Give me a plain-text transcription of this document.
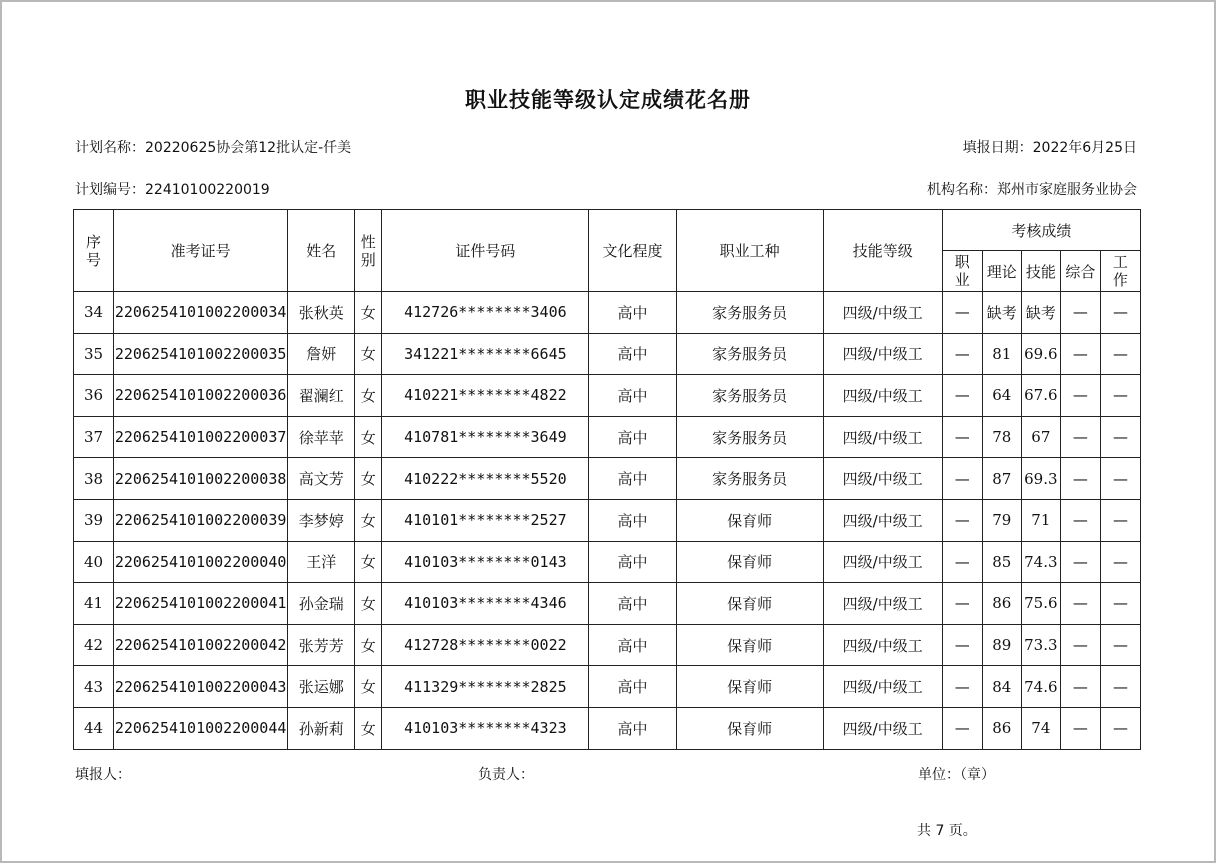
职业技能等级认定成绩花名册
计划名称：20220625协会第12批认定-仟美	填报日期：2022年6月25日
计划编号：22410100220019	机构名称：郑州市家庭服务业协会
序号	准考证号	姓名	性别	证件号码	文化程度	职业工种	技能等级	考核成绩				
								职业	理论	技能	综合	工作
34	2206254101002200034	张秋英	女	412726********3406	高中	家务服务员	四级/中级工	—	缺考	缺考	—	—
35	2206254101002200035	詹妍	女	341221********6645	高中	家务服务员	四级/中级工	—	81	69.6	—	—
36	2206254101002200036	翟澜红	女	410221********4822	高中	家务服务员	四级/中级工	—	64	67.6	—	—
37	2206254101002200037	徐苹苹	女	410781********3649	高中	家务服务员	四级/中级工	—	78	67	—	—
38	2206254101002200038	高文芳	女	410222********5520	高中	家务服务员	四级/中级工	—	87	69.3	—	—
39	2206254101002200039	李梦婷	女	410101********2527	高中	保育师	四级/中级工	—	79	71	—	—
40	2206254101002200040	王洋	女	410103********0143	高中	保育师	四级/中级工	—	85	74.3	—	—
41	2206254101002200041	孙金瑞	女	410103********4346	高中	保育师	四级/中级工	—	86	75.6	—	—
42	2206254101002200042	张芳芳	女	412728********0022	高中	保育师	四级/中级工	—	89	73.3	—	—
43	2206254101002200043	张运娜	女	411329********2825	高中	保育师	四级/中级工	—	84	74.6	—	—
44	2206254101002200044	孙新莉	女	410103********4323	高中	保育师	四级/中级工	—	86	74	—	—
填报人：	负责人：	单位：（章）
共 7 页。
